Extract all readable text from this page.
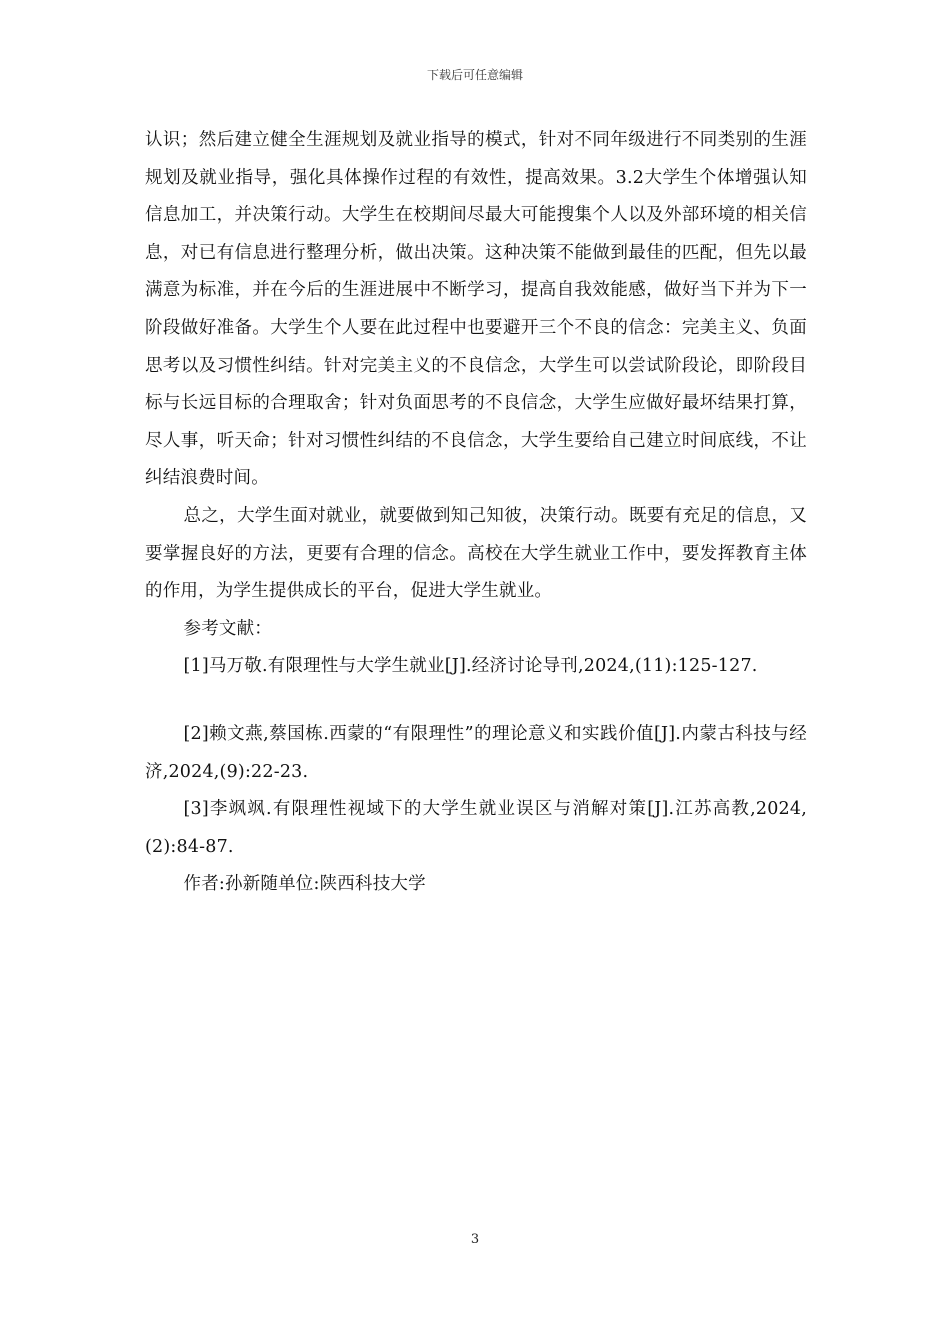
下载后可任意编辑

认识；然后建立健全生涯规划及就业指导的模式，针对不同年级进行不同类别的生涯规划及就业指导，强化具体操作过程的有效性，提高效果。3.2大学生个体增强认知信息加工，并决策行动。大学生在校期间尽最大可能搜集个人以及外部环境的相关信息，对已有信息进行整理分析，做出决策。这种决策不能做到最佳的匹配，但先以最满意为标准，并在今后的生涯进展中不断学习，提高自我效能感，做好当下并为下一阶段做好准备。大学生个人要在此过程中也要避开三个不良的信念：完美主义、负面思考以及习惯性纠结。针对完美主义的不良信念，大学生可以尝试阶段论，即阶段目标与长远目标的合理取舍；针对负面思考的不良信念，大学生应做好最坏结果打算，尽人事，听天命；针对习惯性纠结的不良信念，大学生要给自己建立时间底线，不让纠结浪费时间。

总之，大学生面对就业，就要做到知己知彼，决策行动。既要有充足的信息，又要掌握良好的方法，更要有合理的信念。高校在大学生就业工作中，要发挥教育主体的作用，为学生提供成长的平台，促进大学生就业。

参考文献：

[1]马万敬.有限理性与大学生就业[J].经济讨论导刊,2024,(11):125-127.

[2]赖文燕,蔡国栋.西蒙的“有限理性”的理论意义和实践价值[J].内蒙古科技与经济,2024,(9):22-23.

[3]李飒飒.有限理性视域下的大学生就业误区与消解对策[J].江苏高教,2024,(2):84-87.

作者:孙新随单位:陕西科技大学

3
